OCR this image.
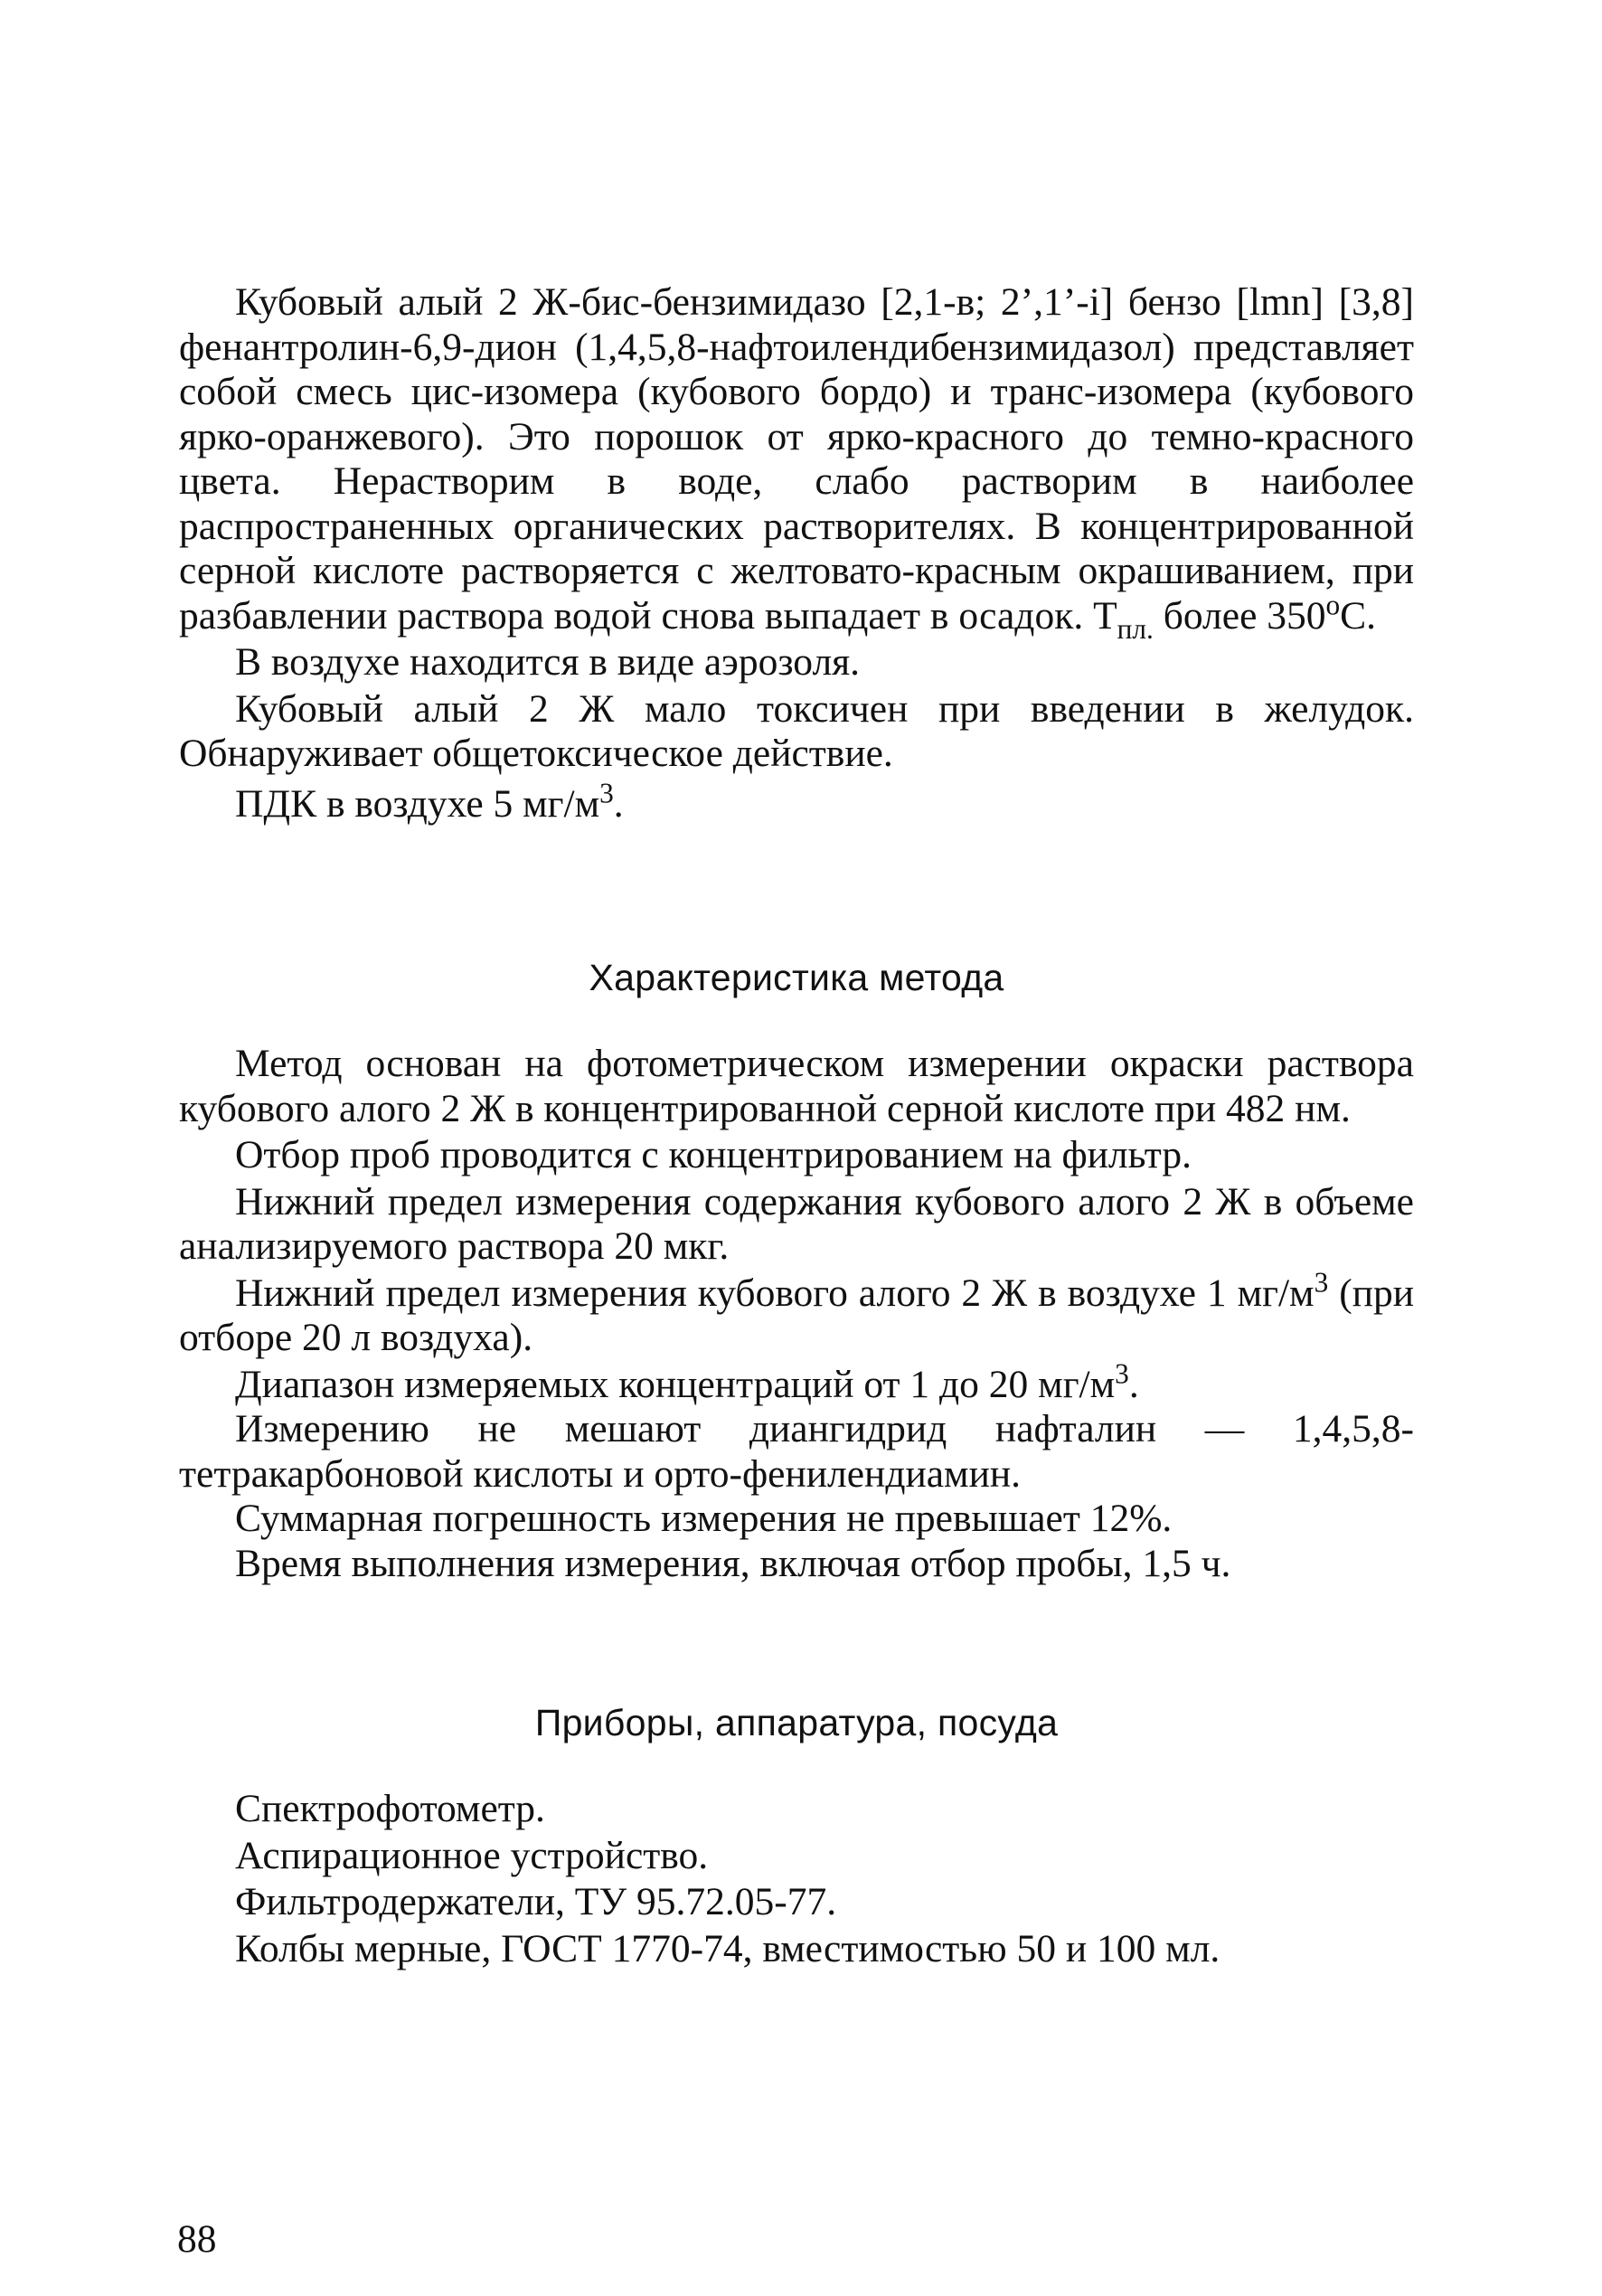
Кубовый алый 2 Ж-бис-бензимидазо [2,1-в; 2’,1’-i] бензо [lmn] [3,8] фенантролин-6,9-дион (1,4,5,8-нафтоилендибензимидазол) представляет собой смесь цис-изомера (кубового бордо) и транс-изомера (кубового ярко-оранжевого). Это порошок от ярко-красного до темно-красного цвета. Нерастворим в воде, слабо растворим в наиболее распространенных органических растворителях. В концентрированной серной кислоте растворяется с желтовато-красным окрашиванием, при разбавлении раствора водой снова выпадает в осадок. $Т_{пл.}$ более $350^оС$.

В воздухе находится в виде аэрозоля.

Кубовый алый 2 Ж мало токсичен при введении в желудок. Обнаруживает общетоксическое действие.

ПДК в воздухе 5 $мг/м^3$.

Характеристика метода

Метод основан на фотометрическом измерении окраски раствора кубового алого 2 Ж в концентрированной серной кислоте при 482 нм.

Отбор проб проводится с концентрированием на фильтр.

Нижний предел измерения содержания кубового алого 2 Ж в объеме анализируемого раствора 20 мкг.

Нижний предел измерения кубового алого 2 Ж в воздухе 1 $мг/м^3$ (при отборе 20 л воздуха).

Диапазон измеряемых концентраций от 1 до 20 $мг/м^3$.

Измерению не мешают диангидрид нафталин — 1,4,5,8-тетракарбоновой кислоты и орто-фенилендиамин.

Суммарная погрешность измерения не превышает 12%.

Время выполнения измерения, включая отбор пробы, 1,5 ч.

Приборы, аппаратура, посуда

Спектрофотометр.

Аспирационное устройство.

Фильтродержатели, ТУ 95.72.05-77.

Колбы мерные, ГОСТ 1770-74, вместимостью 50 и 100 мл.

88
